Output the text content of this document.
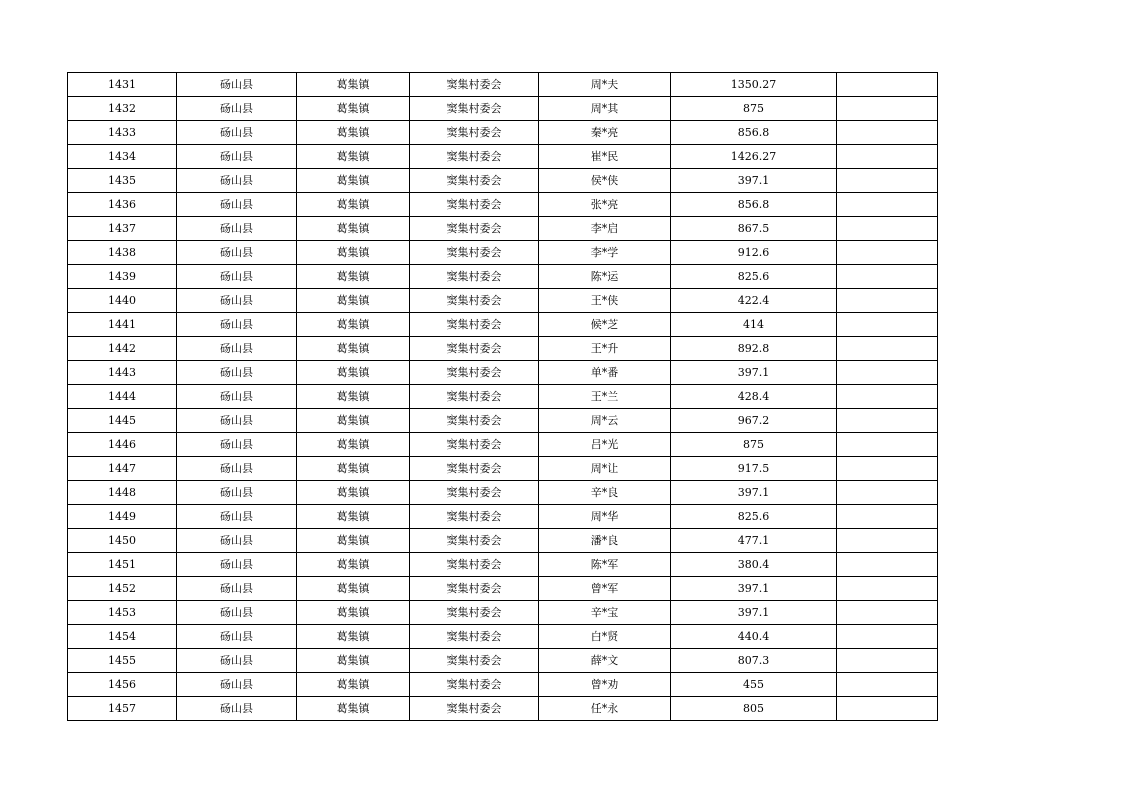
1431	砀山县	葛集镇	窦集村委会	周*夫	1350.27	
1432	砀山县	葛集镇	窦集村委会	周*其	875	
1433	砀山县	葛集镇	窦集村委会	秦*亮	856.8	
1434	砀山县	葛集镇	窦集村委会	崔*民	1426.27	
1435	砀山县	葛集镇	窦集村委会	侯*侠	397.1	
1436	砀山县	葛集镇	窦集村委会	张*亮	856.8	
1437	砀山县	葛集镇	窦集村委会	李*启	867.5	
1438	砀山县	葛集镇	窦集村委会	李*学	912.6	
1439	砀山县	葛集镇	窦集村委会	陈*运	825.6	
1440	砀山县	葛集镇	窦集村委会	王*侠	422.4	
1441	砀山县	葛集镇	窦集村委会	候*芝	414	
1442	砀山县	葛集镇	窦集村委会	王*升	892.8	
1443	砀山县	葛集镇	窦集村委会	单*番	397.1	
1444	砀山县	葛集镇	窦集村委会	王*兰	428.4	
1445	砀山县	葛集镇	窦集村委会	周*云	967.2	
1446	砀山县	葛集镇	窦集村委会	吕*光	875	
1447	砀山县	葛集镇	窦集村委会	周*让	917.5	
1448	砀山县	葛集镇	窦集村委会	辛*良	397.1	
1449	砀山县	葛集镇	窦集村委会	周*华	825.6	
1450	砀山县	葛集镇	窦集村委会	潘*良	477.1	
1451	砀山县	葛集镇	窦集村委会	陈*军	380.4	
1452	砀山县	葛集镇	窦集村委会	曾*军	397.1	
1453	砀山县	葛集镇	窦集村委会	辛*宝	397.1	
1454	砀山县	葛集镇	窦集村委会	白*贤	440.4	
1455	砀山县	葛集镇	窦集村委会	薛*文	807.3	
1456	砀山县	葛集镇	窦集村委会	曾*劝	455	
1457	砀山县	葛集镇	窦集村委会	任*永	805	
